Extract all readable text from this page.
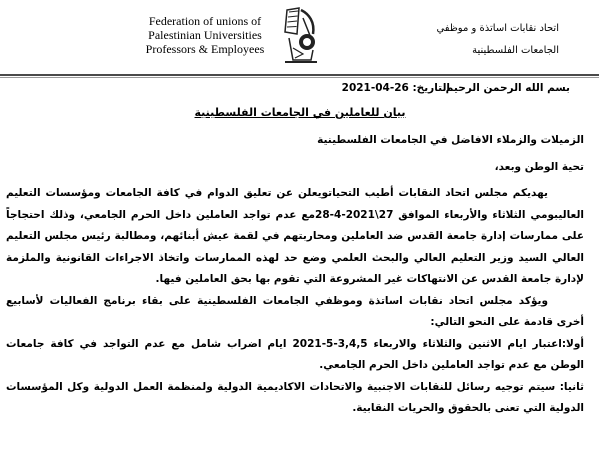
Federation of unions of
Palestinian Universities
Professors & Employees
اتحاد نقابات اساتذة و موظفي
الجامعات الفلسطينية
بسم الله الرحمن الرحيم
التاريخ: 2021-04-26
بيان للعاملين في الجامعات الفلسطينية

الزميلات والزملاء الافاضل في الجامعات الفلسطينية

تحية الوطن وبعد،

يهديكم مجلس اتحاد النقابات أطيب التحياتويعلن عن تعليق الدوام في كافة الجامعات ومؤسسات التعليم العاليبومي الثلاثاء والأربعاء الموافق 27\2021-4-28مع عدم تواجد العاملين داخل الحرم الجامعي، وذلك احتجاجاً على ممارسات إدارة جامعة القدس ضد العاملين ومحاربتهم في لقمة عيش أبنائهم، ومطالبة رئيس مجلس التعليم العالي السيد وزير التعليم العالي والبحث العلمي وضع حد لهذه الممارسات واتخاذ الاجراءات القانونية والملزمة لإدارة جامعة القدس عن الانتهاكات غير المشروعة التي تقوم بها بحق العاملين فيها.

ويؤكد مجلس اتحاد نقابات اساتذة وموظفي الجامعات الفلسطينية على بقاء برنامج الفعاليات لأسابيع أخرى قادمة على النحو التالي:

أولا:اعتبار ايام الاثنين والثلاثاء والاربعاء 3,4,5-5-2021 ايام اضراب شامل مع عدم التواجد في كافة جامعات الوطن مع عدم تواجد العاملين داخل الحرم الجامعي.

ثانيا: سيتم توجيه رسائل للنقابات الاجنبية والاتحادات الاكاديمية الدولية ولمنظمة العمل الدولية وكل المؤسسات الدولية التي تعنى بالحقوق والحريات النقابية.
